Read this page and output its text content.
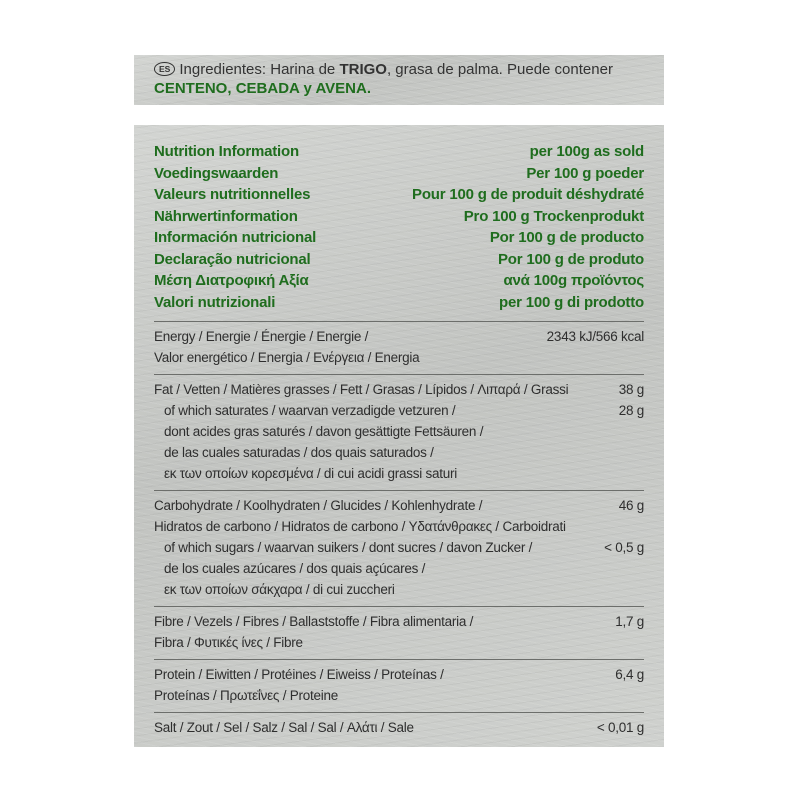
ES Ingredientes: Harina de TRIGO, grasa de palma. Puede contener
CENTENO, CEBADA y AVENA.
Nutrition Information	per 100g as sold
Voedingswaarden	Per 100 g poeder
Valeurs nutritionnelles	Pour 100 g de produit déshydraté
Nährwertinformation	Pro 100 g Trockenprodukt
Información nutricional	Por 100 g de producto
Declaração nutricional	Por 100 g de produto
Μέση Διατροφική Αξία	ανά 100g προϊόντος
Valori nutrizionali	per 100 g di prodotto
Energy / Energie / Énergie / Energie /	2343 kJ/566 kcal
Valor energético / Energia / Ενέργεια / Energia
Fat / Vetten / Matières grasses / Fett / Grasas / Lípidos / Λιπαρά / Grassi	38 g
of which saturates / waarvan verzadigde vetzuren /	28 g
dont acides gras saturés / davon gesättigte Fettsäuren /
de las cuales saturadas / dos quais saturados /
εκ των οποίων κορεσμένα / di cui acidi grassi saturi
Carbohydrate / Koolhydraten / Glucides / Kohlenhydrate /	46 g
Hidratos de carbono / Hidratos de carbono / Υδατάνθρακες / Carboidrati
of which sugars / waarvan suikers / dont sucres / davon Zucker /	< 0,5 g
de los cuales azúcares / dos quais açúcares /
εκ των οποίων σάκχαρα / di cui zuccheri
Fibre / Vezels / Fibres / Ballaststoffe / Fibra alimentaria /	1,7 g
Fibra / Φυτικές ίνες / Fibre
Protein / Eiwitten / Protéines / Eiweiss / Proteínas /	6,4 g
Proteínas / Πρωτεΐνες / Proteine
Salt / Zout / Sel / Salz / Sal / Sal / Αλάτι / Sale	< 0,01 g
